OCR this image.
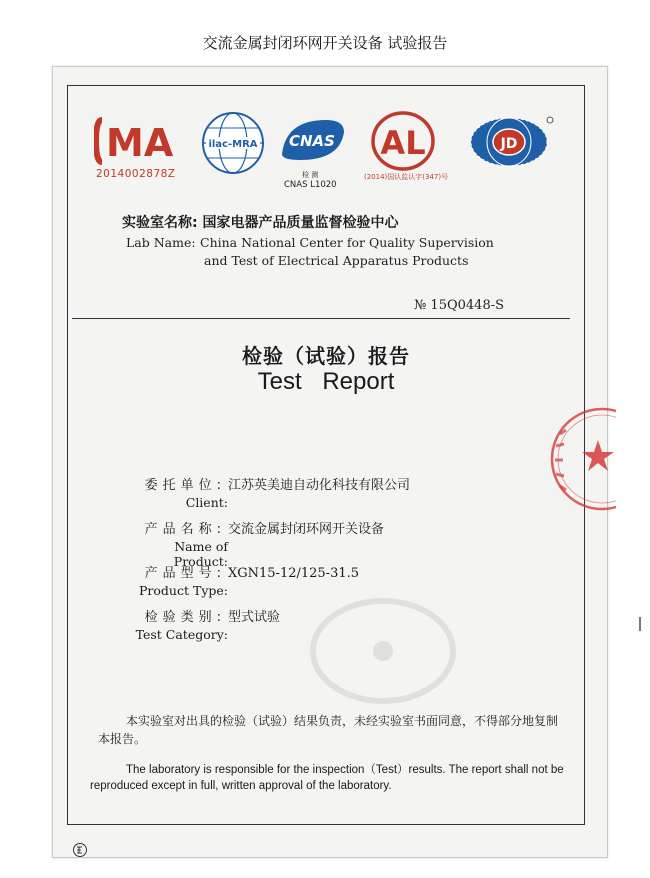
交流金属封闭环网开关设备 试验报告
MA
2014002878Z
ilac-MRA CNAS
检 测
CNAS L1020
AL
(2014)国认监认字(347)号
JD
实验室名称: 国家电器产品质量监督检验中心
Lab Name: China National Center for Quality Supervision
and Test of Electrical Apparatus Products
№ 15Q0448-S
检验（试验）报告
Test Report
委托单位: 江苏英美迪自动化科技有限公司
Client:
产品名称: 交流金属封闭环网开关设备
Name of Product:
产品型号: XGN15-12/125-31.5
Product Type:
检验类别: 型式试验
Test Category:
本实验室对出具的检验（试验）结果负责，未经实验室书面同意，不得部分地复制本报告。
The laboratory is responsible for the inspection（Test）results. The report shall not be reproduced except in full, written approval of the laboratory.
